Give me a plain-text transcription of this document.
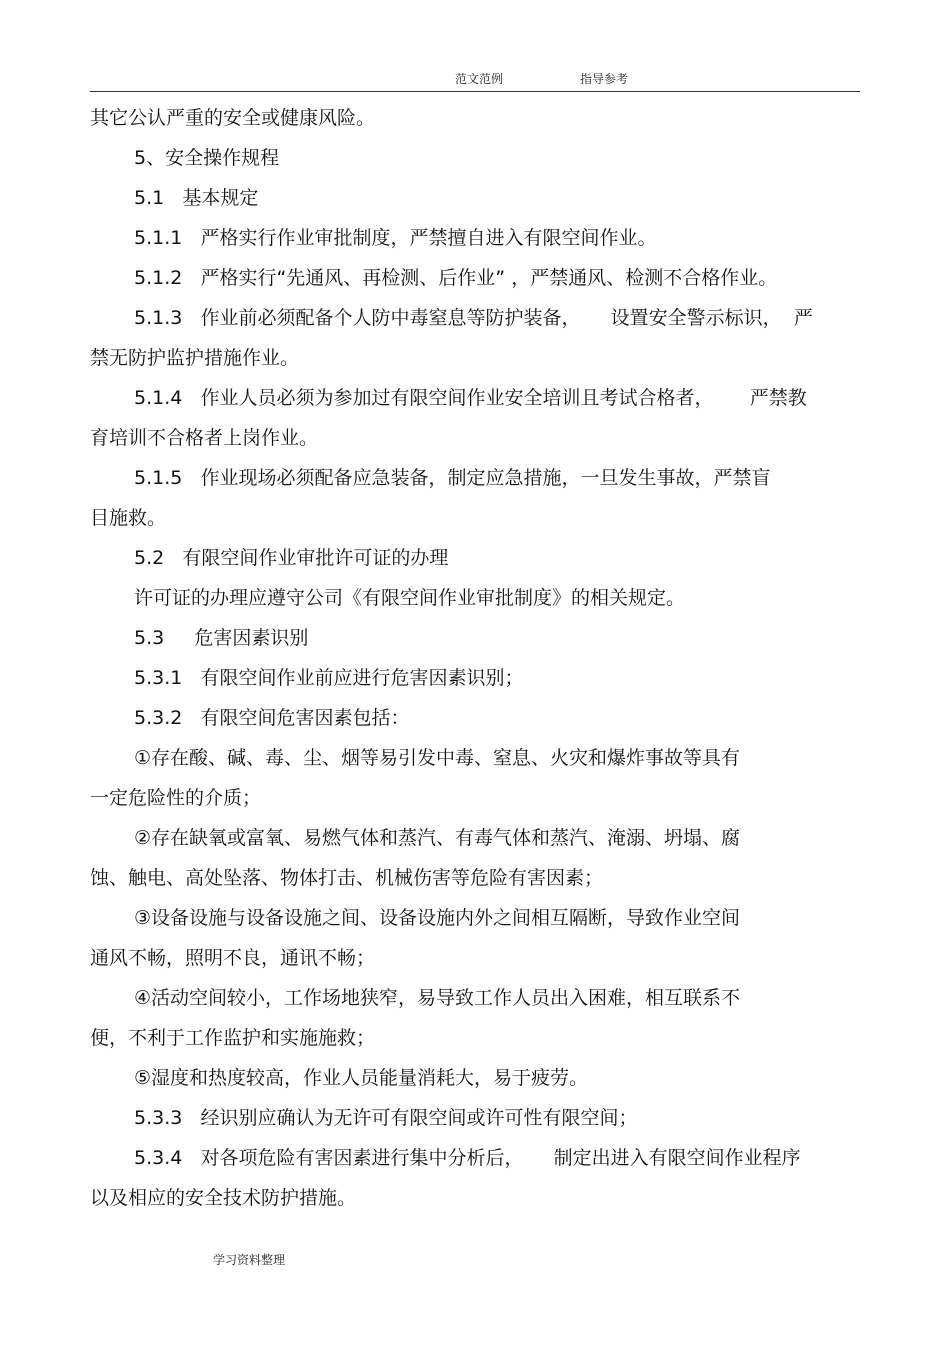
范文范例	指导参考
其它公认严重的安全或健康风险。
5、安全操作规程
5.1   基本规定
5.1.1   严格实行作业审批制度，严禁擅自进入有限空间作业。
5.1.2   严格实行“先通风、再检测、后作业” ，严禁通风、检测不合格作业。
5.1.3   作业前必须配备个人防中毒窒息等防护装备，     设置安全警示标识，  严
禁无防护监护措施作业。
5.1.4   作业人员必须为参加过有限空间作业安全培训且考试合格者，      严禁教
育培训不合格者上岗作业。
5.1.5   作业现场必须配备应急装备，制定应急措施，一旦发生事故，严禁盲
目施救。
5.2   有限空间作业审批许可证的办理
许可证的办理应遵守公司《有限空间作业审批制度》的相关规定。
5.3     危害因素识别
5.3.1   有限空间作业前应进行危害因素识别；
5.3.2   有限空间危害因素包括：
①存在酸、碱、毒、尘、烟等易引发中毒、窒息、火灾和爆炸事故等具有
一定危险性的介质；
②存在缺氧或富氧、易燃气体和蒸汽、有毒气体和蒸汽、淹溺、坍塌、腐
蚀、触电、高处坠落、物体打击、机械伤害等危险有害因素；
③设备设施与设备设施之间、设备设施内外之间相互隔断，导致作业空间
通风不畅，照明不良，通讯不畅；
④活动空间较小，工作场地狭窄，易导致工作人员出入困难，相互联系不
便，不利于工作监护和实施施救；
⑤湿度和热度较高，作业人员能量消耗大，易于疲劳。
5.3.3   经识别应确认为无许可有限空间或许可性有限空间；
5.3.4   对各项危险有害因素进行集中分析后，     制定出进入有限空间作业程序
以及相应的安全技术防护措施。
学习资料整理
